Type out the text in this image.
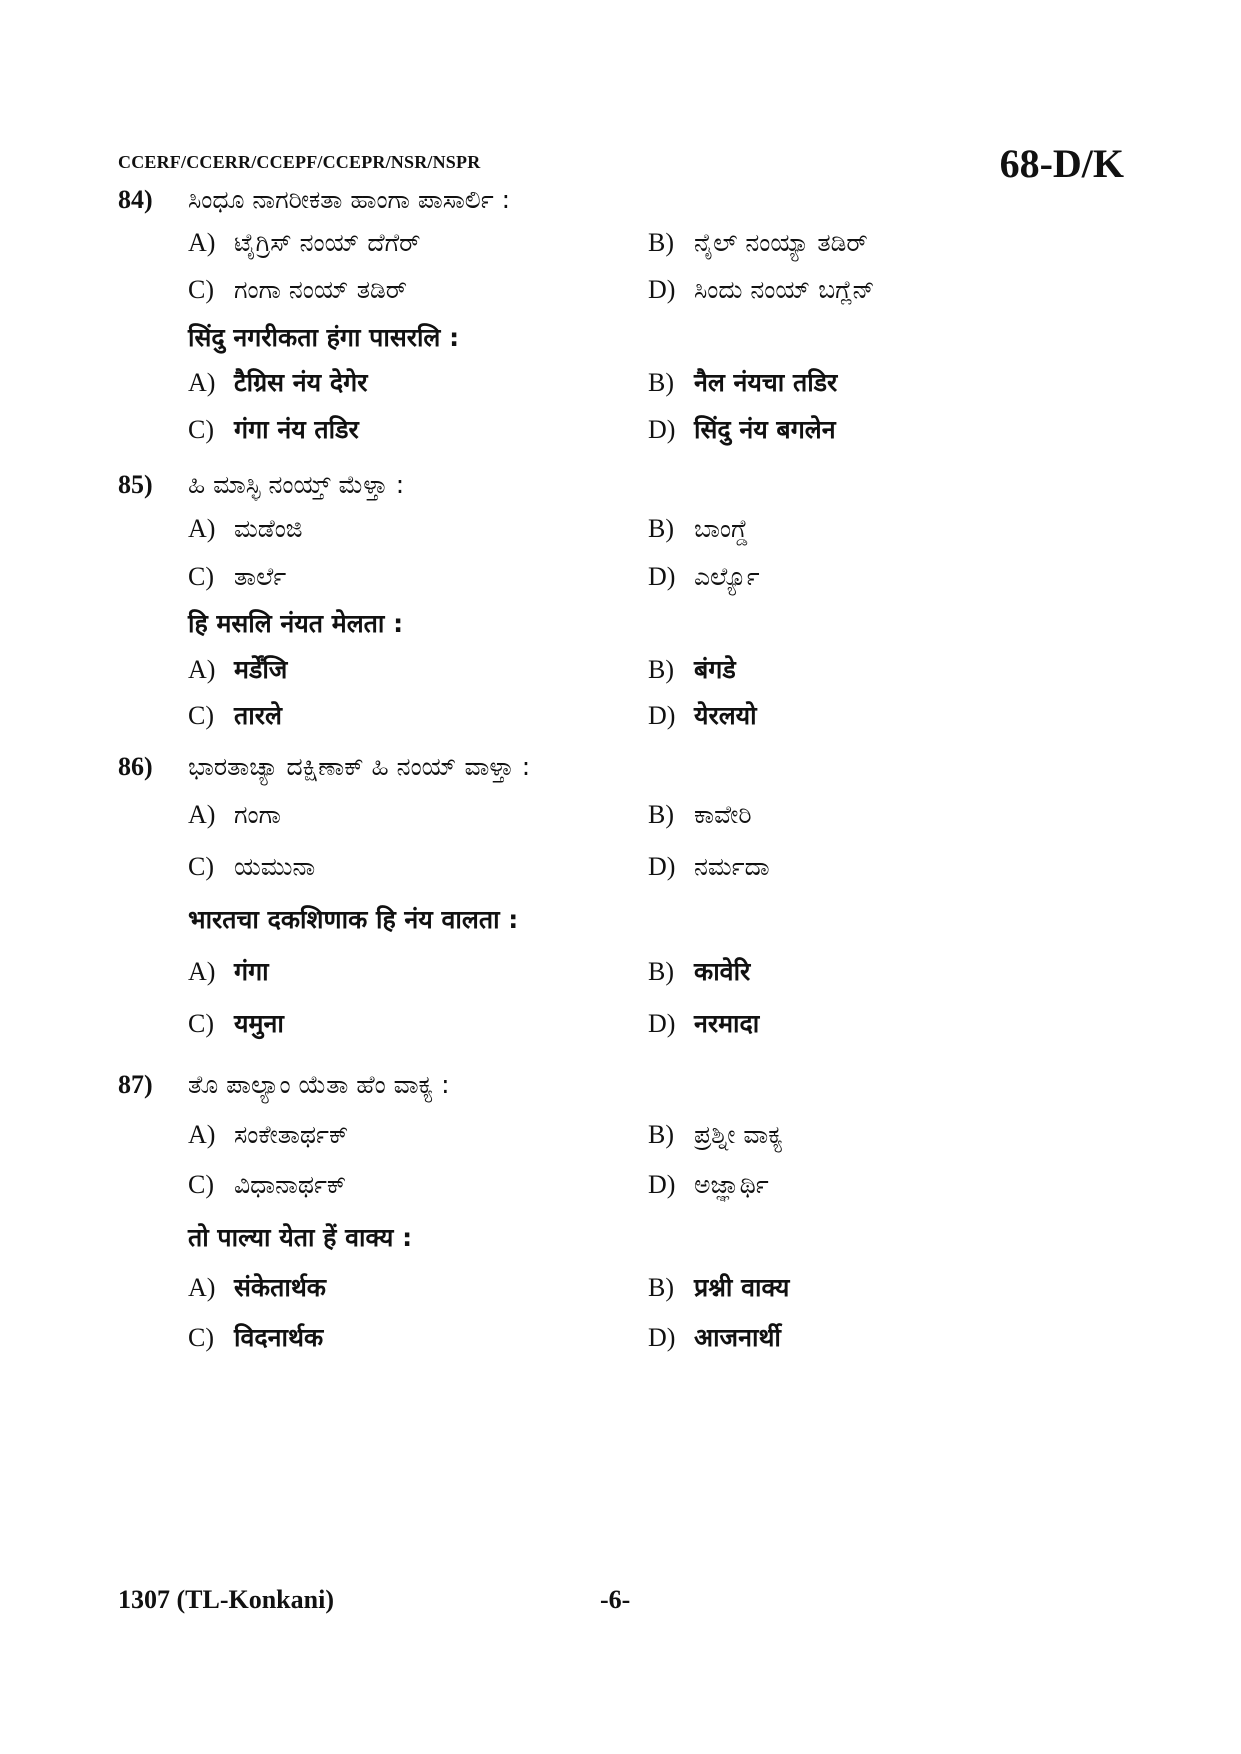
CCERF/CCERR/CCEPF/CCEPR/NSR/NSPR	68-D/K
84) ಸಿಂಧೂ ನಾಗರೀಕತಾ ಹಾಂಗಾ ಪಾಸಾರ್ಲಿ :
A) ಟೈಗ್ರಿಸ್ ನಂಯ್ ದೆಗೆರ್	B) ನೈಲ್ ನಂಯ್ಯಾ ತಡಿರ್
C) ಗಂಗಾ ನಂಯ್ ತಡಿರ್	D) ಸಿಂದು ನಂಯ್ ಬಗ್ಲೆನ್
सिंदु नगरीकता हंगा पासरलि :
A) टैग्रिस नंय देगेर	B) नैल नंयचा तडिर
C) गंगा नंय तडिर	D) सिंदु नंय बगलेन
85) ಹಿ ಮಾಸ್ಳಿ ನಂಯ್ತ್ ಮೆಳ್ತಾ :
A) ಮಡೆಂಜಿ	B) ಬಾಂಗ್ಡೆ
C) ತಾರ್ಲೆ	D) ಎರ್ಲ್ಯೊ
हि मसलि नंयत मेलता :
A) मर्डेंजि	B) बंगडे
C) तारले	D) येरलयो
86) ಭಾರತಾಚ್ಯಾ ದಕ್ಷಿಣಾಕ್ ಹಿ ನಂಯ್ ವಾಳ್ತಾ :
A) ಗಂಗಾ	B) ಕಾವೇರಿ
C) ಯಮುನಾ	D) ನರ್ಮದಾ
भारतचा दकशिणाक हि नंय वालता :
A) गंगा	B) कावेरि
C) यमुना	D) नरमादा
87) ತೊ ಪಾಲ್ಯಾಂ ಯೆತಾ ಹೆಂ ವಾಕ್ಯ :
A) ಸಂಕೇತಾರ್ಥಕ್	B) ಪ್ರಶ್ನೀ ವಾಕ್ಯ
C) ವಿಧಾನಾರ್ಥಕ್	D) ಅಜ್ಞಾರ್ಥಿ
तो पाल्या येता हें वाक्य :
A) संकेतार्थक	B) प्रश्नी वाक्य
C) विदनार्थक	D) आजनार्थी
1307 (TL-Konkani)	-6-
